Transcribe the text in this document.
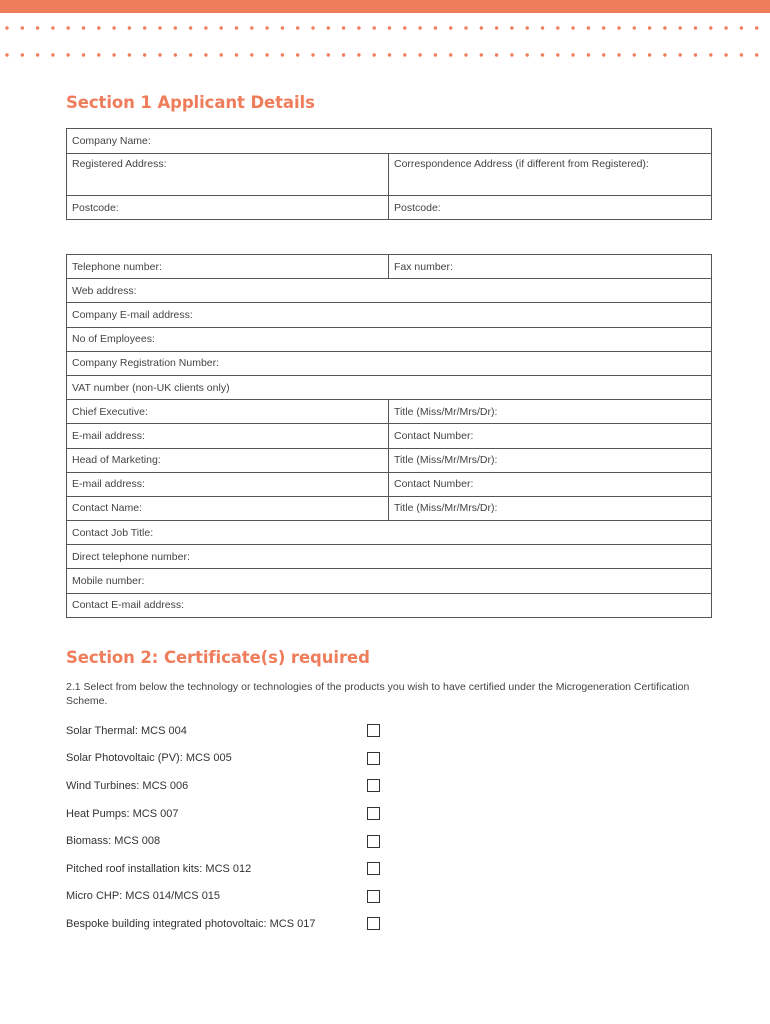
Section 1 Applicant Details
Company Name:	
Registered Address:	Correspondence Address (if different from Registered):
Postcode:	Postcode:
Telephone number:	Fax number:
Web address:	
Company E-mail address:	
No of Employees:	
Company Registration Number:	
VAT number (non-UK clients only)	
Chief Executive:	Title (Miss/Mr/Mrs/Dr):
E-mail address:	Contact Number:
Head of Marketing:	Title (Miss/Mr/Mrs/Dr):
E-mail address:	Contact Number:
Contact Name:	Title (Miss/Mr/Mrs/Dr):
Contact Job Title:	
Direct telephone number:	
Mobile number:	
Contact E-mail address:	
Section 2: Certificate(s) required

2.1 Select from below the technology or technologies of the products you wish to have certified under the Microgeneration Certification Scheme.

Solar Thermal: MCS 004
Solar Photovoltaic (PV): MCS 005
Wind Turbines: MCS 006
Heat Pumps: MCS 007
Biomass: MCS 008
Pitched roof installation kits: MCS 012
Micro CHP: MCS 014/MCS 015
Bespoke building integrated photovoltaic: MCS 017
